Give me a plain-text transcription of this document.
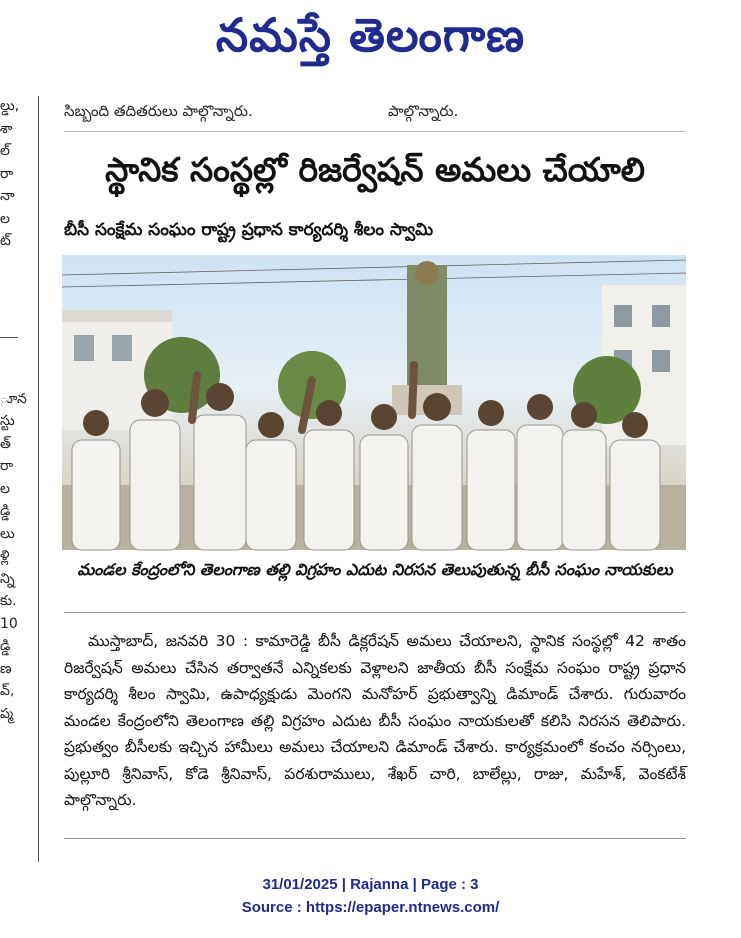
నమస్తే తెలంగాణ
ల్డు,
శా
ల్
రా
నా
ల
ట్

ూన
స్టు
త్
రా
ల
డ్డి
లు
ళ్లి
న్ని
కు.
10
డ్డి
ణ
వ్,
ప్మ
సిబ్బంది తదితరులు పాల్గొన్నారు.	పాల్గొన్నారు.
స్థానిక సంస్థల్లో రిజర్వేషన్ అమలు చేయాలి
బీసీ సంక్షేమ సంఘం రాష్ట్ర ప్రధాన కార్యదర్శి శీలం స్వామి
మండల కేంద్రంలోని తెలంగాణ తల్లి విగ్రహం ఎదుట నిరసన తెలుపుతున్న బీసీ సంఘం నాయకులు

ముస్తాబాద్, జనవరి 30 : కామారెడ్డి బీసీ డిక్లరేషన్ అమలు చేయాలని, స్థానిక సంస్థల్లో 42 శాతం రిజర్వేషన్ అమలు చేసిన తర్వాతనే ఎన్నికలకు వెళ్లాలని జాతీయ బీసీ సంక్షేమ సంఘం రాష్ట్ర ప్రధాన కార్యదర్శి శీలం స్వామి, ఉపాధ్యక్షుడు మెంగని మనోహర్ ప్రభుత్వాన్ని డిమాండ్ చేశారు. గురువారం మండల కేంద్రంలోని తెలంగాణ తల్లి విగ్రహం ఎదుట బీసీ సంఘం నాయకులతో కలిసి నిరసన తెలిపారు. ప్రభుత్వం బీసీలకు ఇచ్చిన హామీలు అమలు చేయాలని డిమాండ్ చేశారు. కార్యక్రమంలో కంచం నర్సింలు, పుల్లూరి శ్రీనివాస్, కోడె శ్రీనివాస్, పరశురాములు, శేఖర్ చారి, బాలేల్లు, రాజు, మహేశ్, వెంకటేశ్ పాల్గొన్నారు.

31/01/2025 | Rajanna | Page : 3
Source : https://epaper.ntnews.com/
